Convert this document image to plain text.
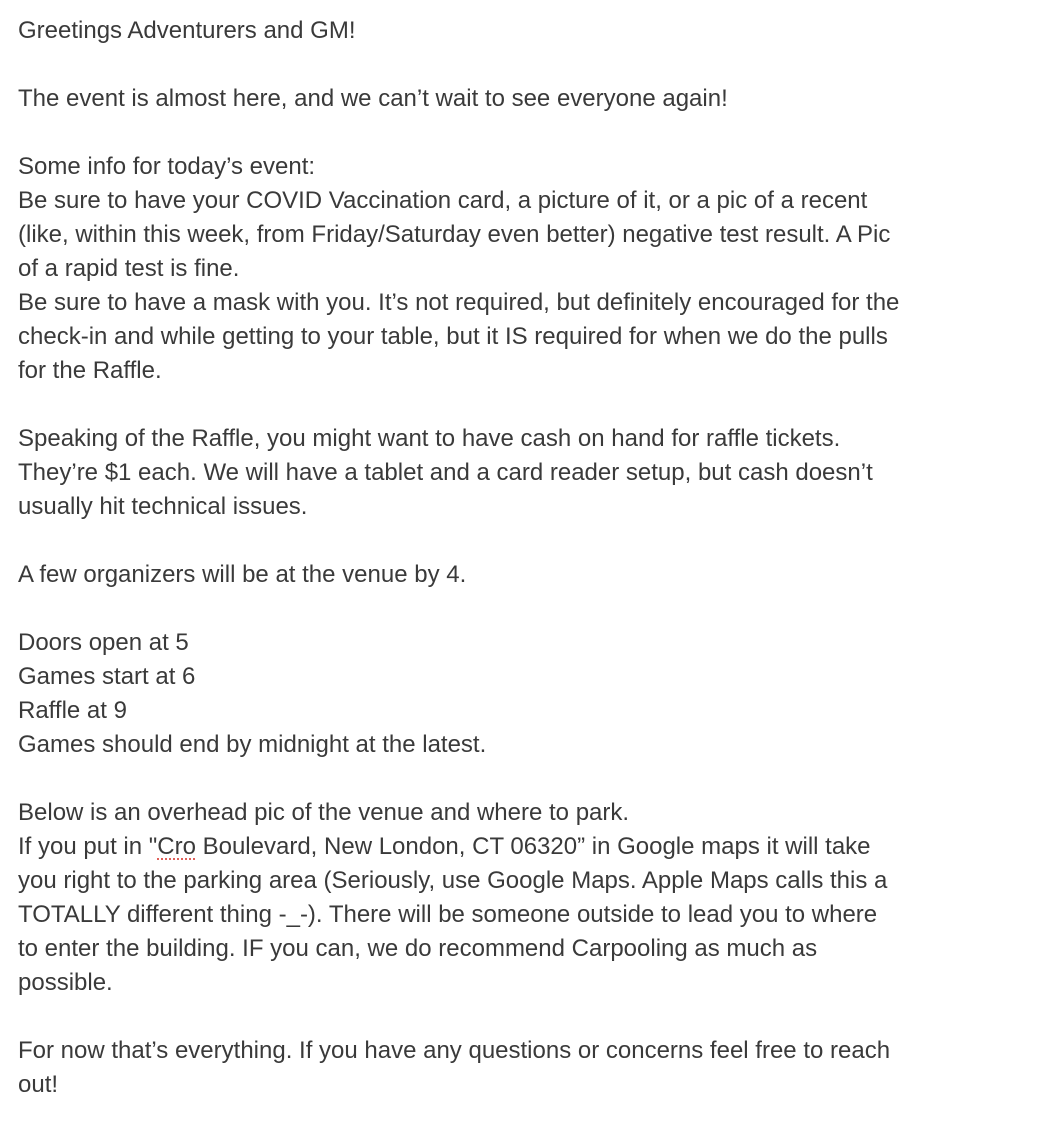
Greetings Adventurers and GM!
The event is almost here, and we can’t wait to see everyone again!
Some info for today’s event:
Be sure to have your COVID Vaccination card, a picture of it, or a pic of a recent
(like, within this week, from Friday/Saturday even better) negative test result. A Pic
of a rapid test is fine.
Be sure to have a mask with you. It’s not required, but definitely encouraged for the
check-in and while getting to your table, but it IS required for when we do the pulls
for the Raffle.
Speaking of the Raffle, you might want to have cash on hand for raffle tickets.
They’re $1 each. We will have a tablet and a card reader setup, but cash doesn’t
usually hit technical issues.
A few organizers will be at the venue by 4.
Doors open at 5
Games start at 6
Raffle at 9
Games should end by midnight at the latest.
Below is an overhead pic of the venue and where to park.
If you put in "Cro Boulevard, New London, CT 06320” in Google maps it will take
you right to the parking area (Seriously, use Google Maps. Apple Maps calls this a
TOTALLY different thing -_-). There will be someone outside to lead you to where
to enter the building. IF you can, we do recommend Carpooling as much as
possible.
For now that’s everything. If you have any questions or concerns feel free to reach
out!
